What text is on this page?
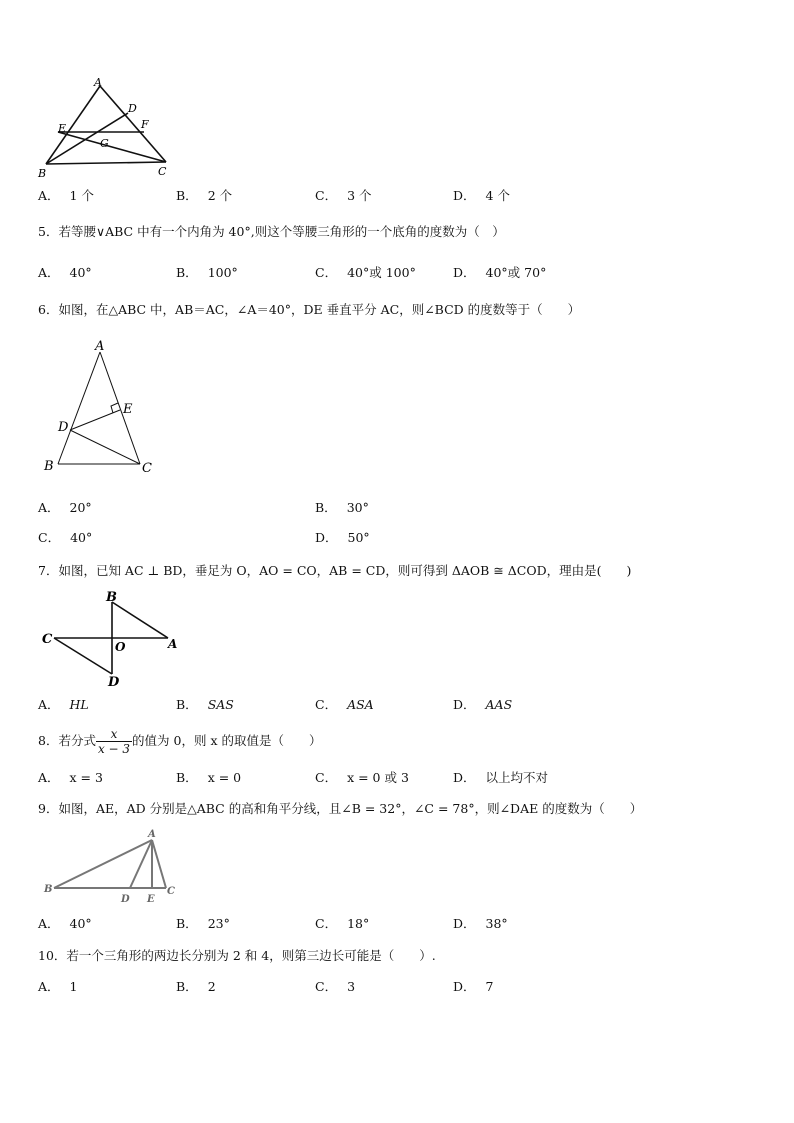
A
B	C
D
E	F
G
A． 1 个	B． 2 个	C． 3 个	D． 4 个
5．若等腰∨ABC 中有一个内角为 40°,则这个等腰三角形的一个底角的度数为（　）
A． 40°	B． 100°	C． 40°或 100°	D． 40°或 70°
6．如图，在△ABC 中，AB＝AC，∠A＝40°，DE 垂直平分 AC，则∠BCD 的度数等于（　　）
A
B	C
D
E
A． 20°	B． 30°
C． 40°	D． 50°
7．如图，已知 AC ⊥ BD，垂足为 O，AO = CO，AB = CD，则可得到 ΔAOB ≅ ΔCOD，理由是(　　)
B
C	A
O
D
A． HL	B． SAS	C． ASA	D． AAS
8．若分式 $\frac{x}{x - 3}$ 的值为 0，则 x 的取值是（　　）
A． x = 3	B． x = 0	C． x = 0 或 3	D． 以上均不对
9．如图，AE，AD 分别是△ABC 的高和角平分线，且∠B = 32°，∠C = 78°，则∠DAE 的度数为（　　）
A
B	C
D E
A． 40°	B． 23°	C． 18°	D． 38°
10．若一个三角形的两边长分别为 2 和 4，则第三边长可能是（　　）.
A． 1	B． 2	C． 3	D． 7
